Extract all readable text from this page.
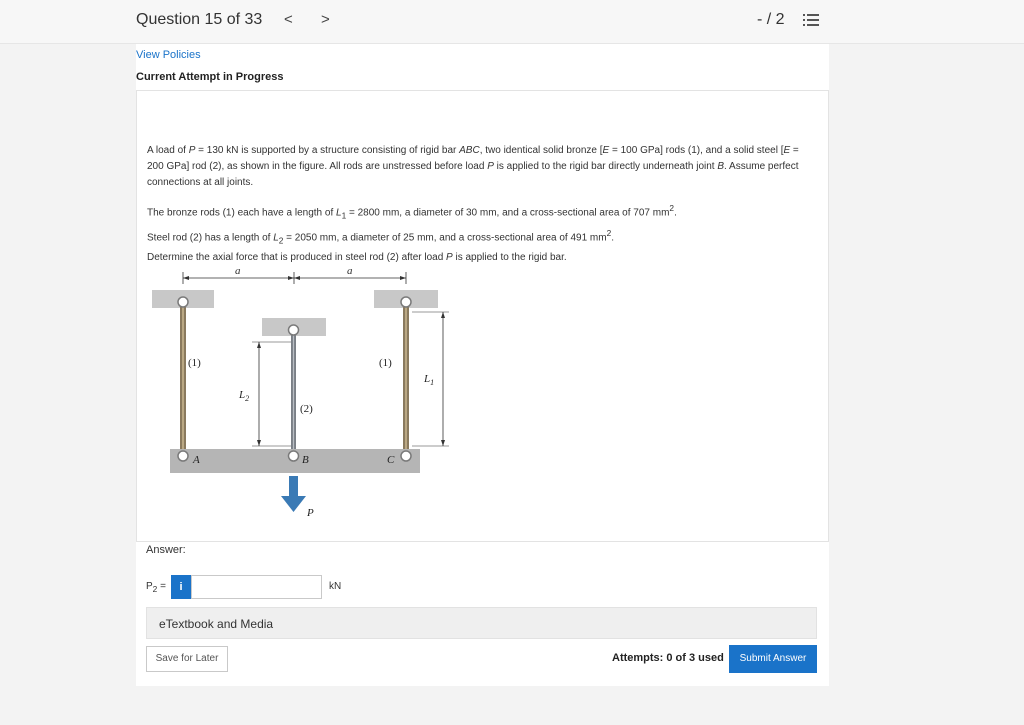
Question 15 of 33 < >	- / 2
View Policies
Current Attempt in Progress
A load of P = 130 kN is supported by a structure consisting of rigid bar ABC, two identical solid bronze [E = 100 GPa] rods (1), and a solid steel [E = 200 GPa] rod (2), as shown in the figure. All rods are unstressed before load P is applied to the rigid bar directly underneath joint B. Assume perfect connections at all joints.
The bronze rods (1) each have a length of $L_1 = 2800$ mm, a diameter of 30 mm, and a cross-sectional area of 707 $mm^2$.
Steel rod (2) has a length of $L_2 = 2050$ mm, a diameter of 25 mm, and a cross-sectional area of 491 $mm^2$.
Determine the axial force that is produced in steel rod (2) after load P is applied to the rigid bar.
a	a
A	B	C
(1)	(1)
(2)
$L_2$
$L_1$
P
Answer:
$P_2$ =	i	kN
eTextbook and Media
Save for Later	Attempts: 0 of 3 used	Submit Answer
